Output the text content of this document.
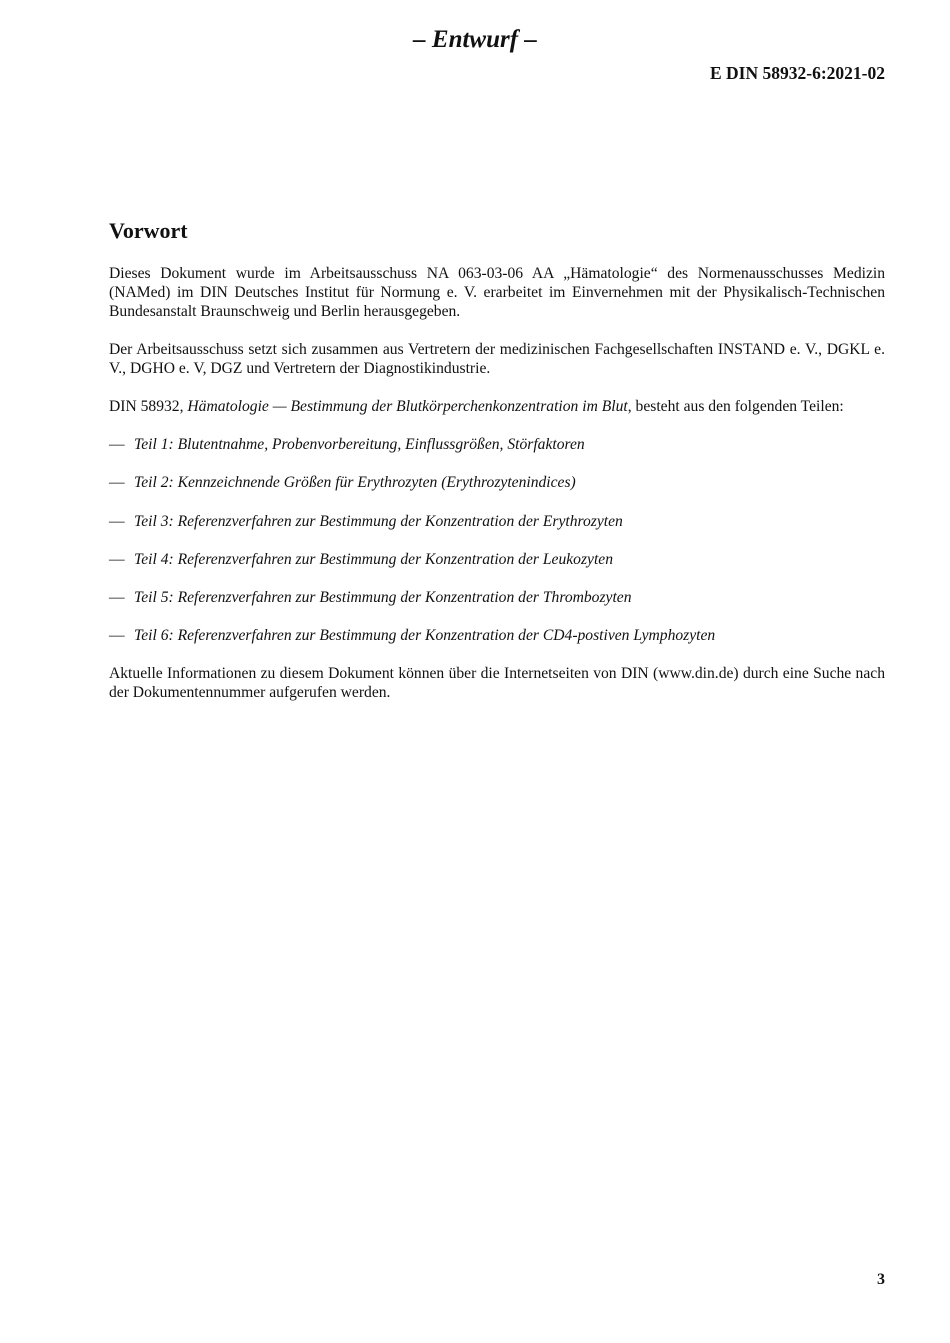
– Entwurf –
E DIN 58932-6:2021-02
Vorwort

Dieses Dokument wurde im Arbeitsausschuss NA 063-03-06 AA „Hämatologie“ des Normenausschusses Medizin (NAMed) im DIN Deutsches Institut für Normung e. V. erarbeitet im Einvernehmen mit der Physikalisch-Technischen Bundesanstalt Braunschweig und Berlin herausgegeben.

Der Arbeitsausschuss setzt sich zusammen aus Vertretern der medizinischen Fachgesellschaften INSTAND e. V., DGKL e. V., DGHO e. V, DGZ und Vertretern der Diagnostikindustrie.

DIN 58932, Hämatologie — Bestimmung der Blutkörperchenkonzentration im Blut, besteht aus den folgenden Teilen:

— Teil 1: Blutentnahme, Probenvorbereitung, Einflussgrößen, Störfaktoren
— Teil 2: Kennzeichnende Größen für Erythrozyten (Erythrozytenindices)
— Teil 3: Referenzverfahren zur Bestimmung der Konzentration der Erythrozyten
— Teil 4: Referenzverfahren zur Bestimmung der Konzentration der Leukozyten
— Teil 5: Referenzverfahren zur Bestimmung der Konzentration der Thrombozyten
— Teil 6: Referenzverfahren zur Bestimmung der Konzentration der CD4-postiven Lymphozyten

Aktuelle Informationen zu diesem Dokument können über die Internetseiten von DIN (www.din.de) durch eine Suche nach der Dokumentennummer aufgerufen werden.

3
